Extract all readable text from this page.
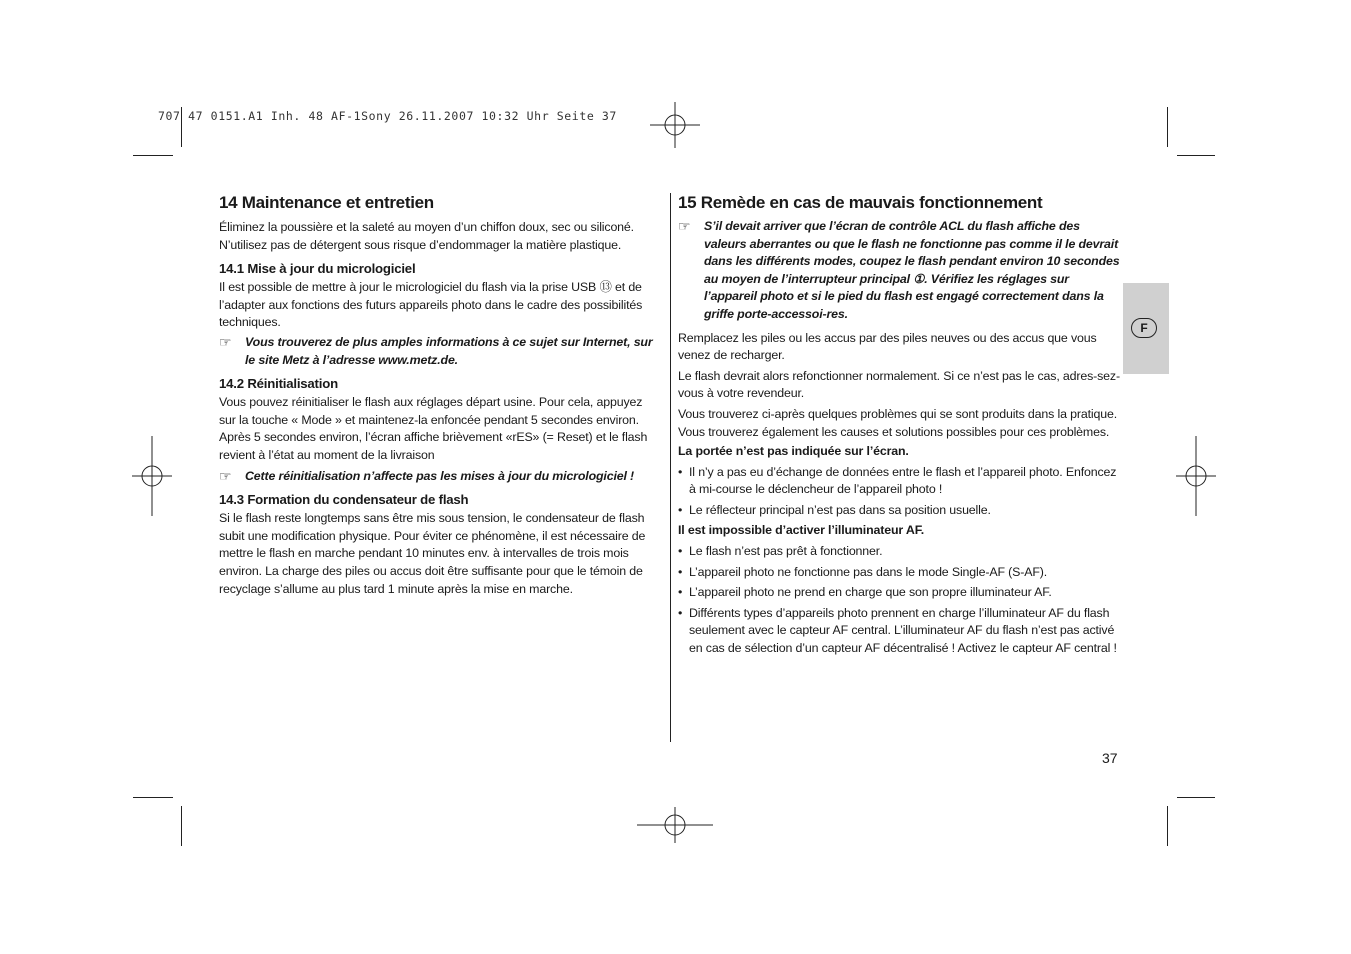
707 47 0151.A1 Inh. 48 AF-1Sony 26.11.2007 10:32 Uhr Seite 37
F
14 Maintenance et entretien

Éliminez la poussière et la saleté au moyen d’un chiffon doux, sec ou siliconé. N’utilisez pas de détergent sous risque d’endommager la matière plastique.

14.1 Mise à jour du micrologiciel

Il est possible de mettre à jour le micrologiciel du flash via la prise USB ⑬ et de l’adapter aux fonctions des futurs appareils photo dans le cadre des possibilités techniques.

☞	Vous trouverez de plus amples informations à ce sujet sur Internet, sur le site Metz à l’adresse www.metz.de.
14.2 Réinitialisation

Vous pouvez réinitialiser le flash aux réglages départ usine. Pour cela, appuyez sur la touche « Mode » et maintenez-la enfoncée pendant 5 secondes environ. Après 5 secondes environ, l’écran affiche brièvement «rES» (= Reset) et le flash revient à l’état au moment de la livraison

☞	Cette réinitialisation n’affecte pas les mises à jour du micrologiciel !
14.3 Formation du condensateur de flash

Si le flash reste longtemps sans être mis sous tension, le condensateur de flash subit une modification physique. Pour éviter ce phénomène, il est nécessaire de mettre le flash en marche pendant 10 minutes env. à intervalles de trois mois environ. La charge des piles ou accus doit être suffisante pour que le témoin de recyclage s’allume au plus tard 1 minute après la mise en marche.

15 Remède en cas de mauvais fonctionnement
☞	S’il devait arriver que l’écran de contrôle ACL du flash affiche des valeurs aberrantes ou que le flash ne fonctionne pas comme il le devrait dans les différents modes, coupez le flash pendant environ 10 secondes au moyen de l’interrupteur principal ①. Vérifiez les réglages sur l’appareil photo et si le pied du flash est engagé correctement dans la griffe porte-accessoi-res.

Remplacez les piles ou les accus par des piles neuves ou des accus que vous venez de recharger.

Le flash devrait alors refonctionner normalement. Si ce n’est pas le cas, adres-sez-vous à votre revendeur.

Vous trouverez ci-après quelques problèmes qui se sont produits dans la pratique. Vous trouverez également les causes et solutions possibles pour ces problèmes.

La portée n’est pas indiquée sur l’écran.

• Il n’y a pas eu d’échange de données entre le flash et l’appareil photo. Enfoncez à mi-course le déclencheur de l’appareil photo !
• Le réflecteur principal n’est pas dans sa position usuelle.

Il est impossible d’activer l’illuminateur AF.

• Le flash n’est pas prêt à fonctionner.
• L’appareil photo ne fonctionne pas dans le mode Single-AF (S-AF).
• L’appareil photo ne prend en charge que son propre illuminateur AF.
• Différents types d’appareils photo prennent en charge l’illuminateur AF du flash seulement avec le capteur AF central. L’illuminateur AF du flash n’est pas activé en cas de sélection d’un capteur AF décentralisé ! Activez le capteur AF central !
37
